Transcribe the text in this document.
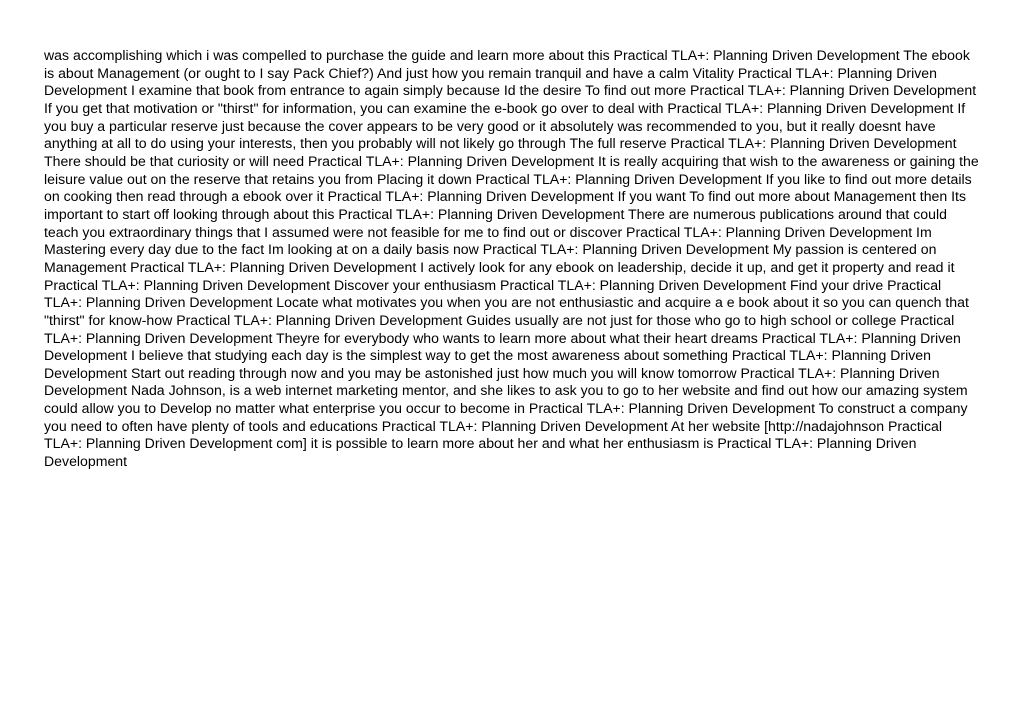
was accomplishing which i was compelled to purchase the guide and learn more about this Practical TLA+: Planning Driven Development The ebook is about Management (or ought to I say Pack Chief?) And just how you remain tranquil and have a calm Vitality Practical TLA+: Planning Driven Development I examine that book from entrance to again simply because Id the desire To find out more Practical TLA+: Planning Driven Development If you get that motivation or "thirst" for information, you can examine the e-book go over to deal with Practical TLA+: Planning Driven Development If you buy a particular reserve just because the cover appears to be very good or it absolutely was recommended to you, but it really doesnt have anything at all to do using your interests, then you probably will not likely go through The full reserve Practical TLA+: Planning Driven Development There should be that curiosity or will need Practical TLA+: Planning Driven Development It is really acquiring that wish to the awareness or gaining the leisure value out on the reserve that retains you from Placing it down Practical TLA+: Planning Driven Development If you like to find out more details on cooking then read through a ebook over it Practical TLA+: Planning Driven Development If you want To find out more about Management then Its important to start off looking through about this Practical TLA+: Planning Driven Development There are numerous publications around that could teach you extraordinary things that I assumed were not feasible for me to find out or discover Practical TLA+: Planning Driven Development Im Mastering every day due to the fact Im looking at on a daily basis now Practical TLA+: Planning Driven Development My passion is centered on Management Practical TLA+: Planning Driven Development I actively look for any ebook on leadership, decide it up, and get it property and read it Practical TLA+: Planning Driven Development Discover your enthusiasm Practical TLA+: Planning Driven Development Find your drive Practical TLA+: Planning Driven Development Locate what motivates you when you are not enthusiastic and acquire a e book about it so you can quench that "thirst" for know-how Practical TLA+: Planning Driven Development Guides usually are not just for those who go to high school or college Practical TLA+: Planning Driven Development Theyre for everybody who wants to learn more about what their heart dreams Practical TLA+: Planning Driven Development I believe that studying each day is the simplest way to get the most awareness about something Practical TLA+: Planning Driven Development Start out reading through now and you may be astonished just how much you will know tomorrow Practical TLA+: Planning Driven Development Nada Johnson, is a web internet marketing mentor, and she likes to ask you to go to her website and find out how our amazing system could allow you to Develop no matter what enterprise you occur to become in Practical TLA+: Planning Driven Development To construct a company you need to often have plenty of tools and educations Practical TLA+: Planning Driven Development At her website [http://nadajohnson Practical TLA+: Planning Driven Development com] it is possible to learn more about her and what her enthusiasm is Practical TLA+: Planning Driven Development
